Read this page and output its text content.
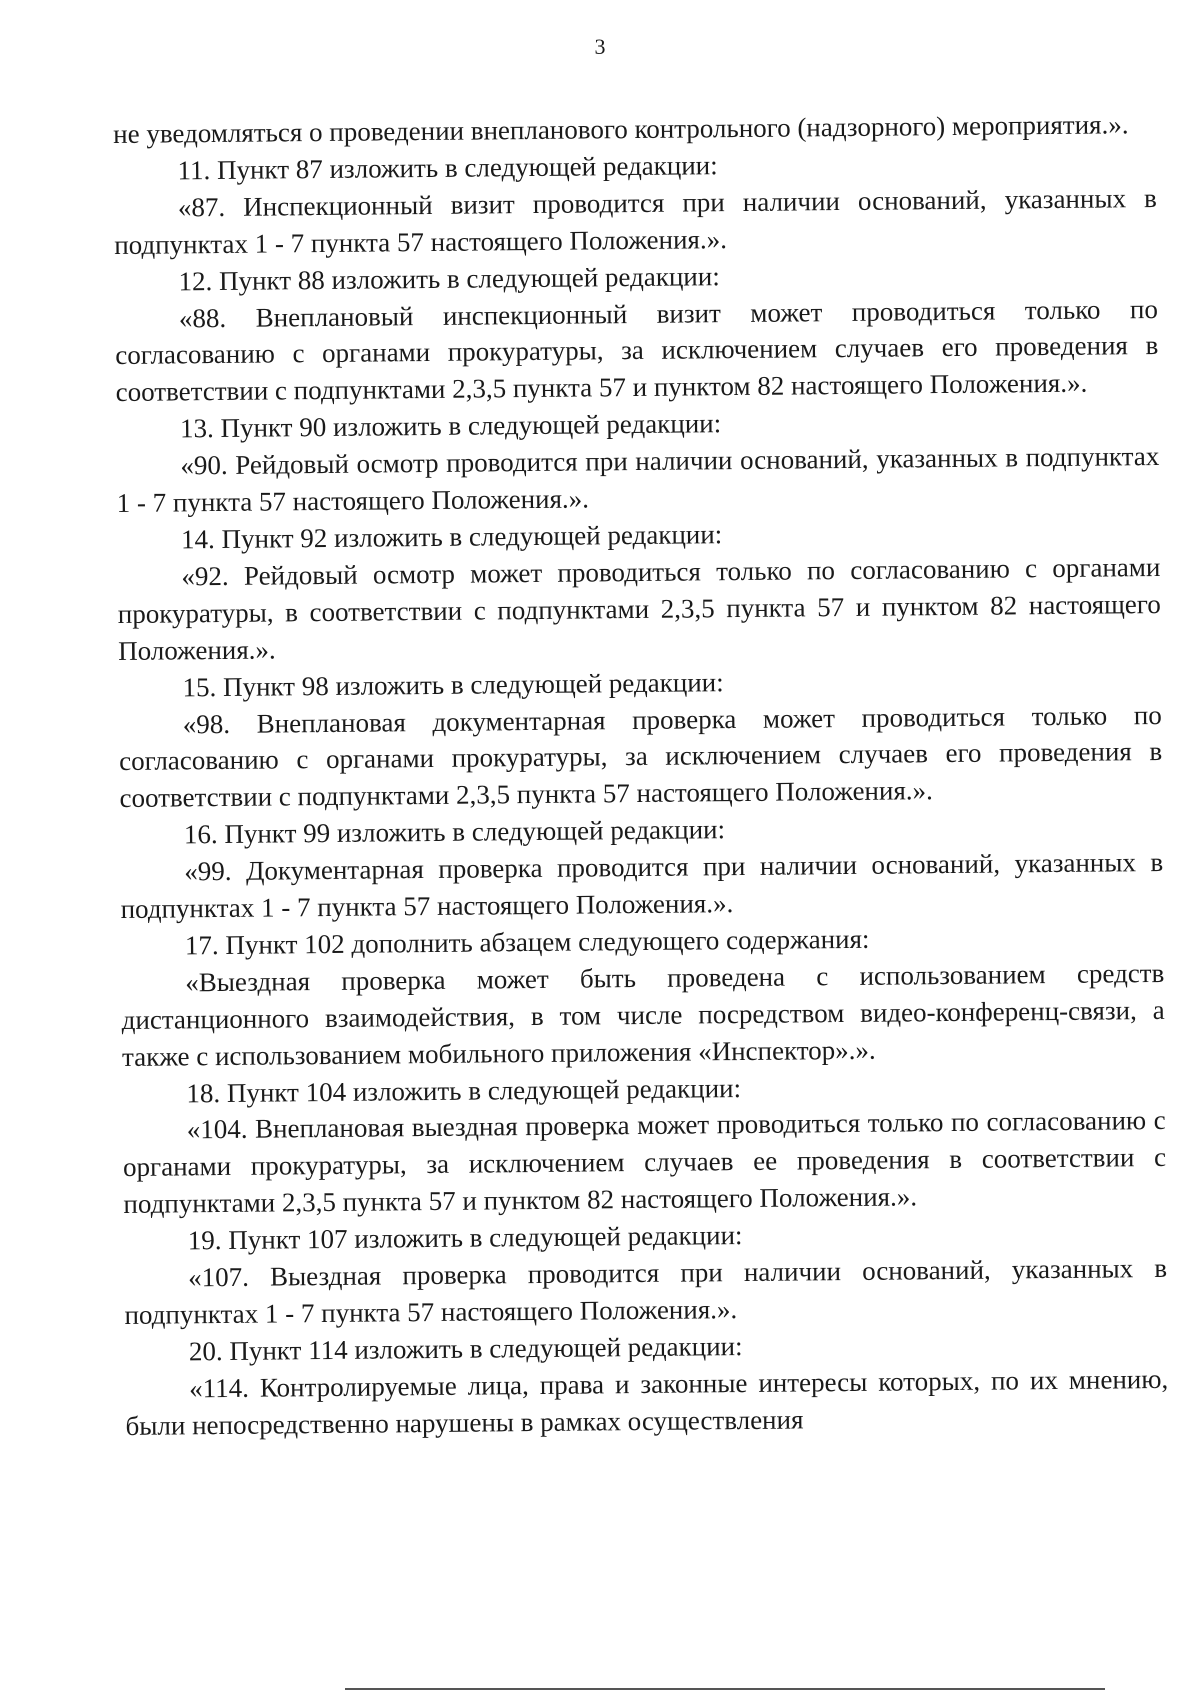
3

не уведомляться о проведении внепланового контрольного (надзорного) мероприятия.».

11. Пункт 87 изложить в следующей редакции:

«87. Инспекционный визит проводится при наличии оснований, указанных в подпунктах 1 - 7 пункта 57 настоящего Положения.».

12. Пункт 88 изложить в следующей редакции:

«88. Внеплановый инспекционный визит может проводиться только по согласованию с органами прокуратуры, за исключением случаев его проведения в соответствии с подпунктами 2,3,5 пункта 57 и пунктом 82 настоящего Положения.».

13. Пункт 90 изложить в следующей редакции:

«90. Рейдовый осмотр проводится при наличии оснований, указанных в подпунктах 1 - 7 пункта 57 настоящего Положения.».

14. Пункт 92 изложить в следующей редакции:

«92. Рейдовый осмотр может проводиться только по согласованию с органами прокуратуры, в соответствии с подпунктами 2,3,5 пункта 57 и пунктом 82 настоящего Положения.».

15. Пункт 98 изложить в следующей редакции:

«98. Внеплановая документарная проверка может проводиться только по согласованию с органами прокуратуры, за исключением случаев его проведения в соответствии с подпунктами 2,3,5 пункта 57 настоящего Положения.».

16. Пункт 99 изложить в следующей редакции:

«99. Документарная проверка проводится при наличии оснований, указанных в подпунктах 1 - 7 пункта 57 настоящего Положения.».

17. Пункт 102 дополнить абзацем следующего содержания:

«Выездная проверка может быть проведена с использованием средств дистанционного взаимодействия, в том числе посредством видео-конференц-связи, а также с использованием мобильного приложения «Инспектор».».

18. Пункт 104 изложить в следующей редакции:

«104. Внеплановая выездная проверка может проводиться только по согласованию с органами прокуратуры, за исключением случаев ее проведения в соответствии с подпунктами 2,3,5 пункта 57 и пунктом 82 настоящего Положения.».

19. Пункт 107 изложить в следующей редакции:

«107. Выездная проверка проводится при наличии оснований, указанных в подпунктах 1 - 7 пункта 57 настоящего Положения.».

20. Пункт 114 изложить в следующей редакции:

«114. Контролируемые лица, права и законные интересы которых, по их мнению, были непосредственно нарушены в рамках осуществления
